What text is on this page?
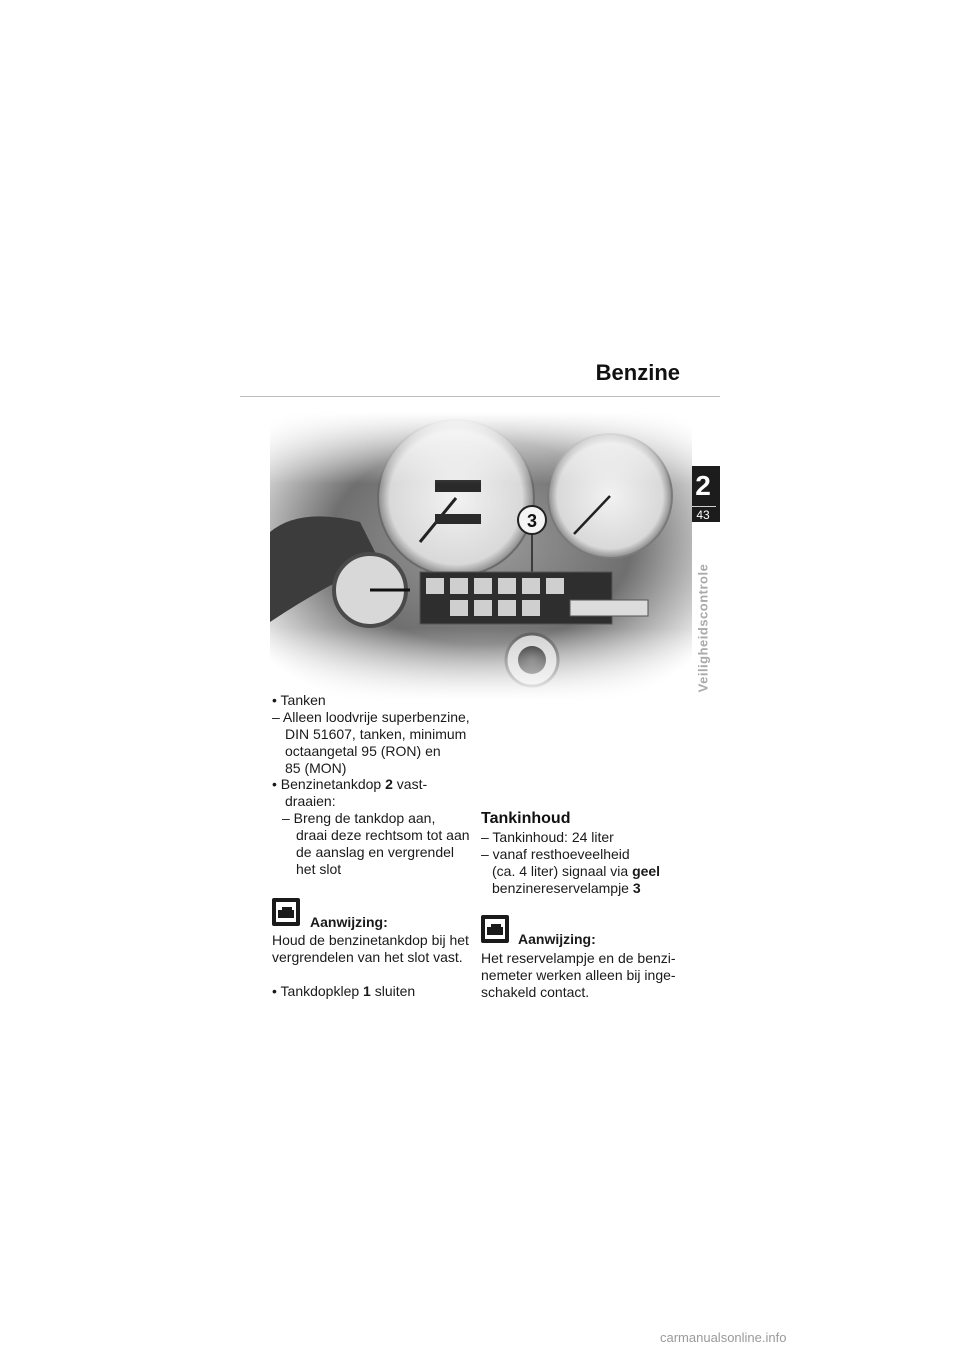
Benzine
2
43
Veiligheidscontrole
• Tanken
– Alleen loodvrije superbenzine,
DIN 51607, tanken, minimum
octaangetal 95 (RON) en
85 (MON)
• Benzinetankdop 2 vast-
draaien:
– Breng de tankdop aan,
draai deze rechtsom tot aan
de aanslag en vergrendel
het slot
Aanwijzing:
Houd de benzinetankdop bij het
vergrendelen van het slot vast.
• Tankdopklep 1 sluiten
Tankinhoud
– Tankinhoud: 24 liter
– vanaf resthoeveelheid
(ca. 4 liter) signaal via geel
benzinereservelampje 3
Aanwijzing:
Het reservelampje en de benzi-
nemeter werken alleen bij inge-
schakeld contact.
carmanualsonline.info
